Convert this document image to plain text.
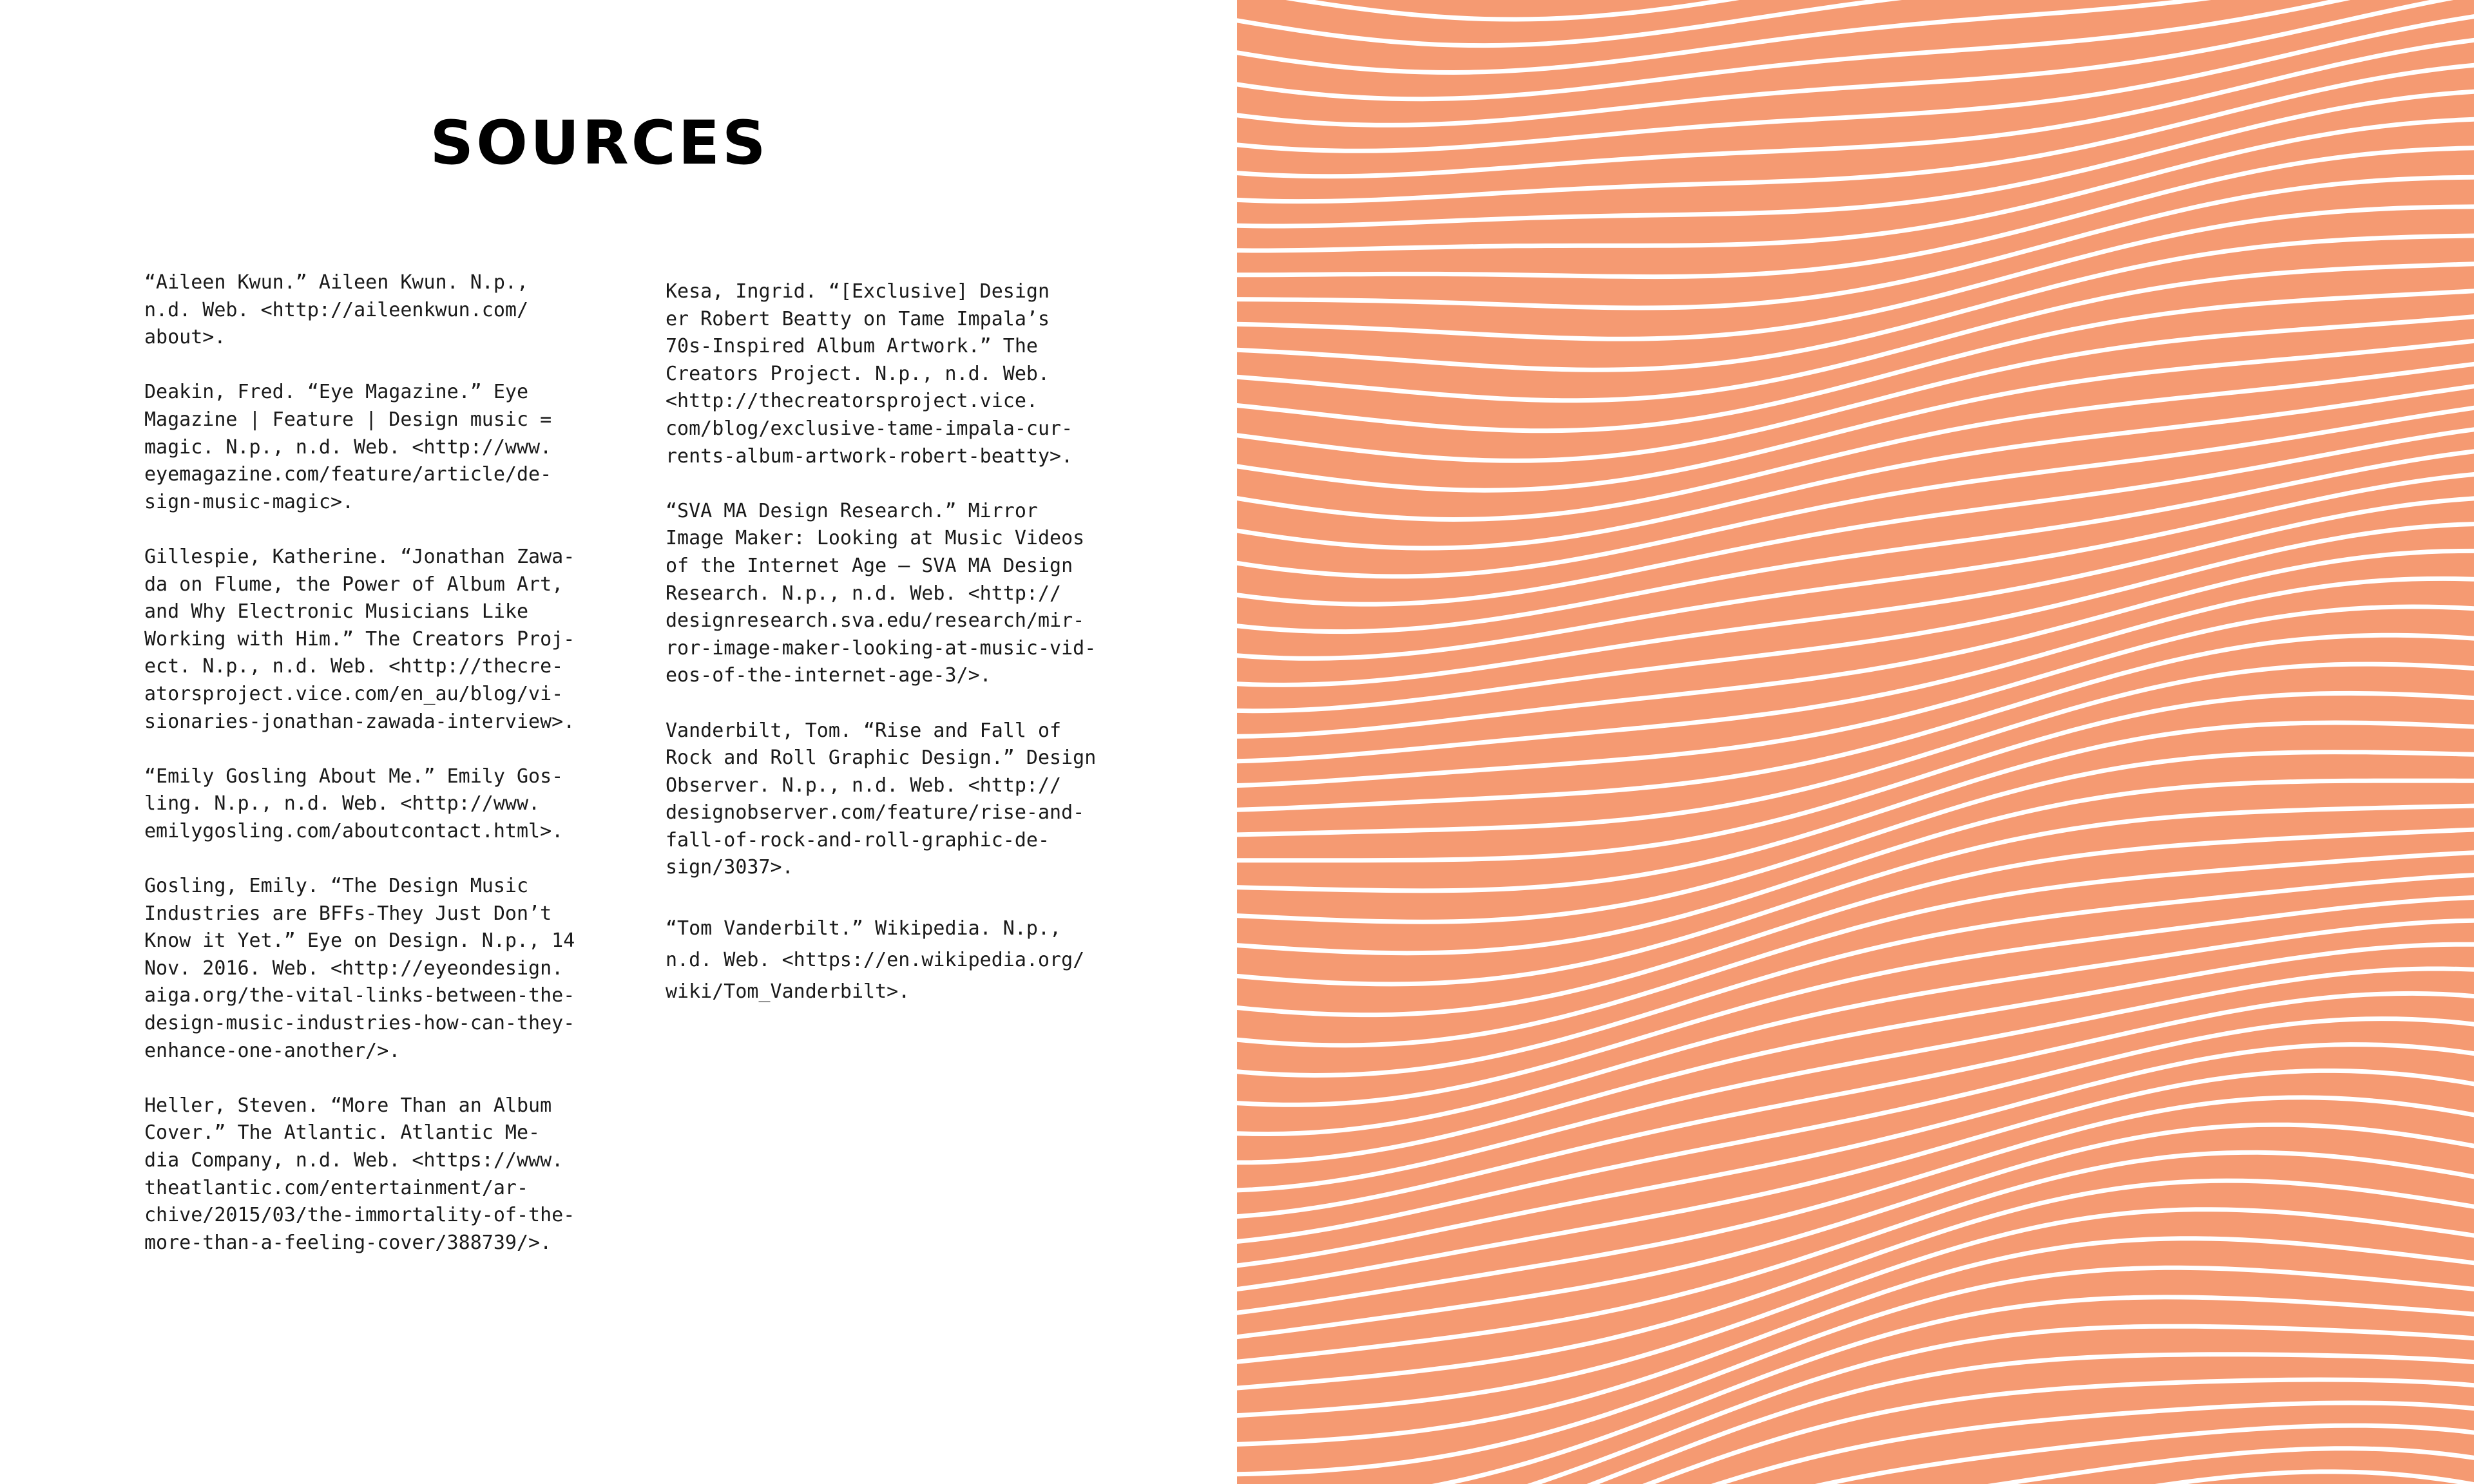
SOURCES

“Aileen Kwun.” Aileen Kwun. N.p.,
n.d. Web. <http://aileenkwun.com/
about>.

Deakin, Fred. “Eye Magazine.” Eye
Magazine | Feature | Design music =
magic. N.p., n.d. Web. <http://www.
eyemagazine.com/feature/article/de-
sign-music-magic>.

Gillespie, Katherine. “Jonathan Zawa-
da on Flume, the Power of Album Art,
and Why Electronic Musicians Like
Working with Him.” The Creators Proj-
ect. N.p., n.d. Web. <http://thecre-
atorsproject.vice.com/en_au/blog/vi-
sionaries-jonathan-zawada-interview>.

“Emily Gosling About Me.” Emily Gos-
ling. N.p., n.d. Web. <http://www.
emilygosling.com/aboutcontact.html>.

Gosling, Emily. “The Design Music
Industries are BFFs-They Just Don’t
Know it Yet.” Eye on Design. N.p., 14
Nov. 2016. Web. <http://eyeondesign.
aiga.org/the-vital-links-between-the-
design-music-industries-how-can-they-
enhance-one-another/>.

Heller, Steven. “More Than an Album
Cover.” The Atlantic. Atlantic Me-
dia Company, n.d. Web. <https://www.
theatlantic.com/entertainment/ar-
chive/2015/03/the-immortality-of-the-
more-than-a-feeling-cover/388739/>.

Kesa, Ingrid. “[Exclusive] Design
er Robert Beatty on Tame Impala’s
70s-Inspired Album Artwork.” The
Creators Project. N.p., n.d. Web.
<http://thecreatorsproject.vice.
com/blog/exclusive-tame-impala-cur-
rents-album-artwork-robert-beatty>.

“SVA MA Design Research.” Mirror
Image Maker: Looking at Music Videos
of the Internet Age – SVA MA Design
Research. N.p., n.d. Web. <http://
designresearch.sva.edu/research/mir-
ror-image-maker-looking-at-music-vid-
eos-of-the-internet-age-3/>.

Vanderbilt, Tom. “Rise and Fall of
Rock and Roll Graphic Design.” Design
Observer. N.p., n.d. Web. <http://
designobserver.com/feature/rise-and-
fall-of-rock-and-roll-graphic-de-
sign/3037>.

“Tom Vanderbilt.” Wikipedia. N.p.,
n.d. Web. <https://en.wikipedia.org/
wiki/Tom_Vanderbilt>.
